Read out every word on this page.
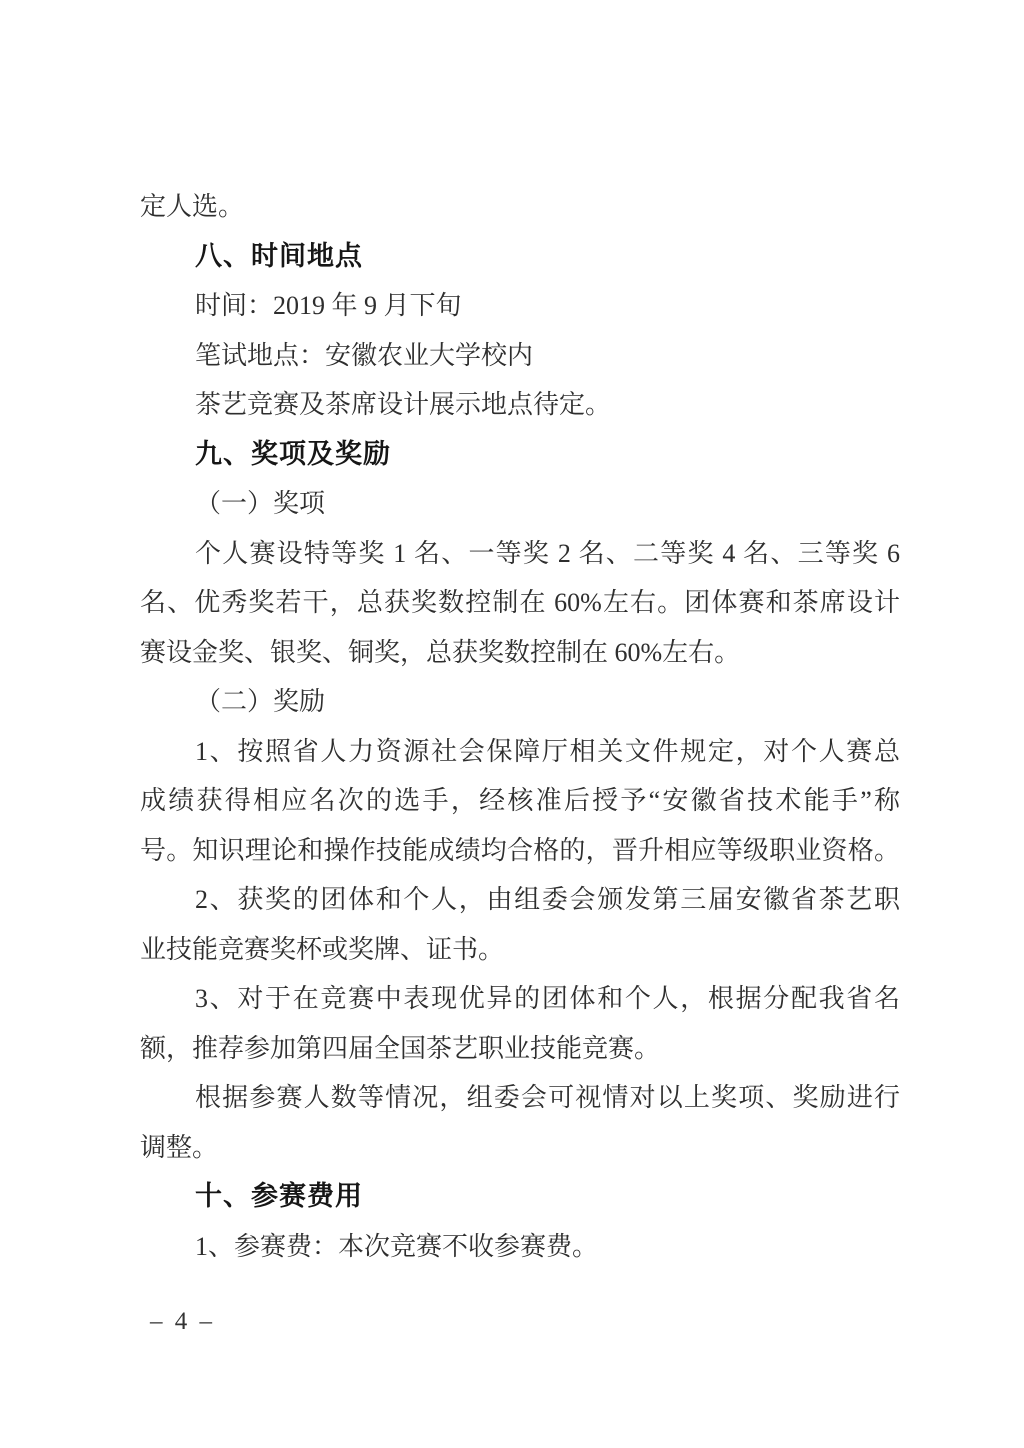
定人选。
八、时间地点
时间：2019 年 9 月下旬
笔试地点：安徽农业大学校内
茶艺竞赛及茶席设计展示地点待定。
九、奖项及奖励
（一）奖项
个人赛设特等奖 1 名、一等奖 2 名、二等奖 4 名、三等奖 6
名、优秀奖若干，总获奖数控制在 60%左右。团体赛和茶席设计
赛设金奖、银奖、铜奖，总获奖数控制在 60%左右。
（二）奖励
1、按照省人力资源社会保障厅相关文件规定，对个人赛总
成绩获得相应名次的选手，经核准后授予“安徽省技术能手”称
号。知识理论和操作技能成绩均合格的，晋升相应等级职业资格。
2、获奖的团体和个人，由组委会颁发第三届安徽省茶艺职
业技能竞赛奖杯或奖牌、证书。
3、对于在竞赛中表现优异的团体和个人，根据分配我省名
额，推荐参加第四届全国茶艺职业技能竞赛。
根据参赛人数等情况，组委会可视情对以上奖项、奖励进行
调整。
十、参赛费用
1、参赛费：本次竞赛不收参赛费。
– 4 –
